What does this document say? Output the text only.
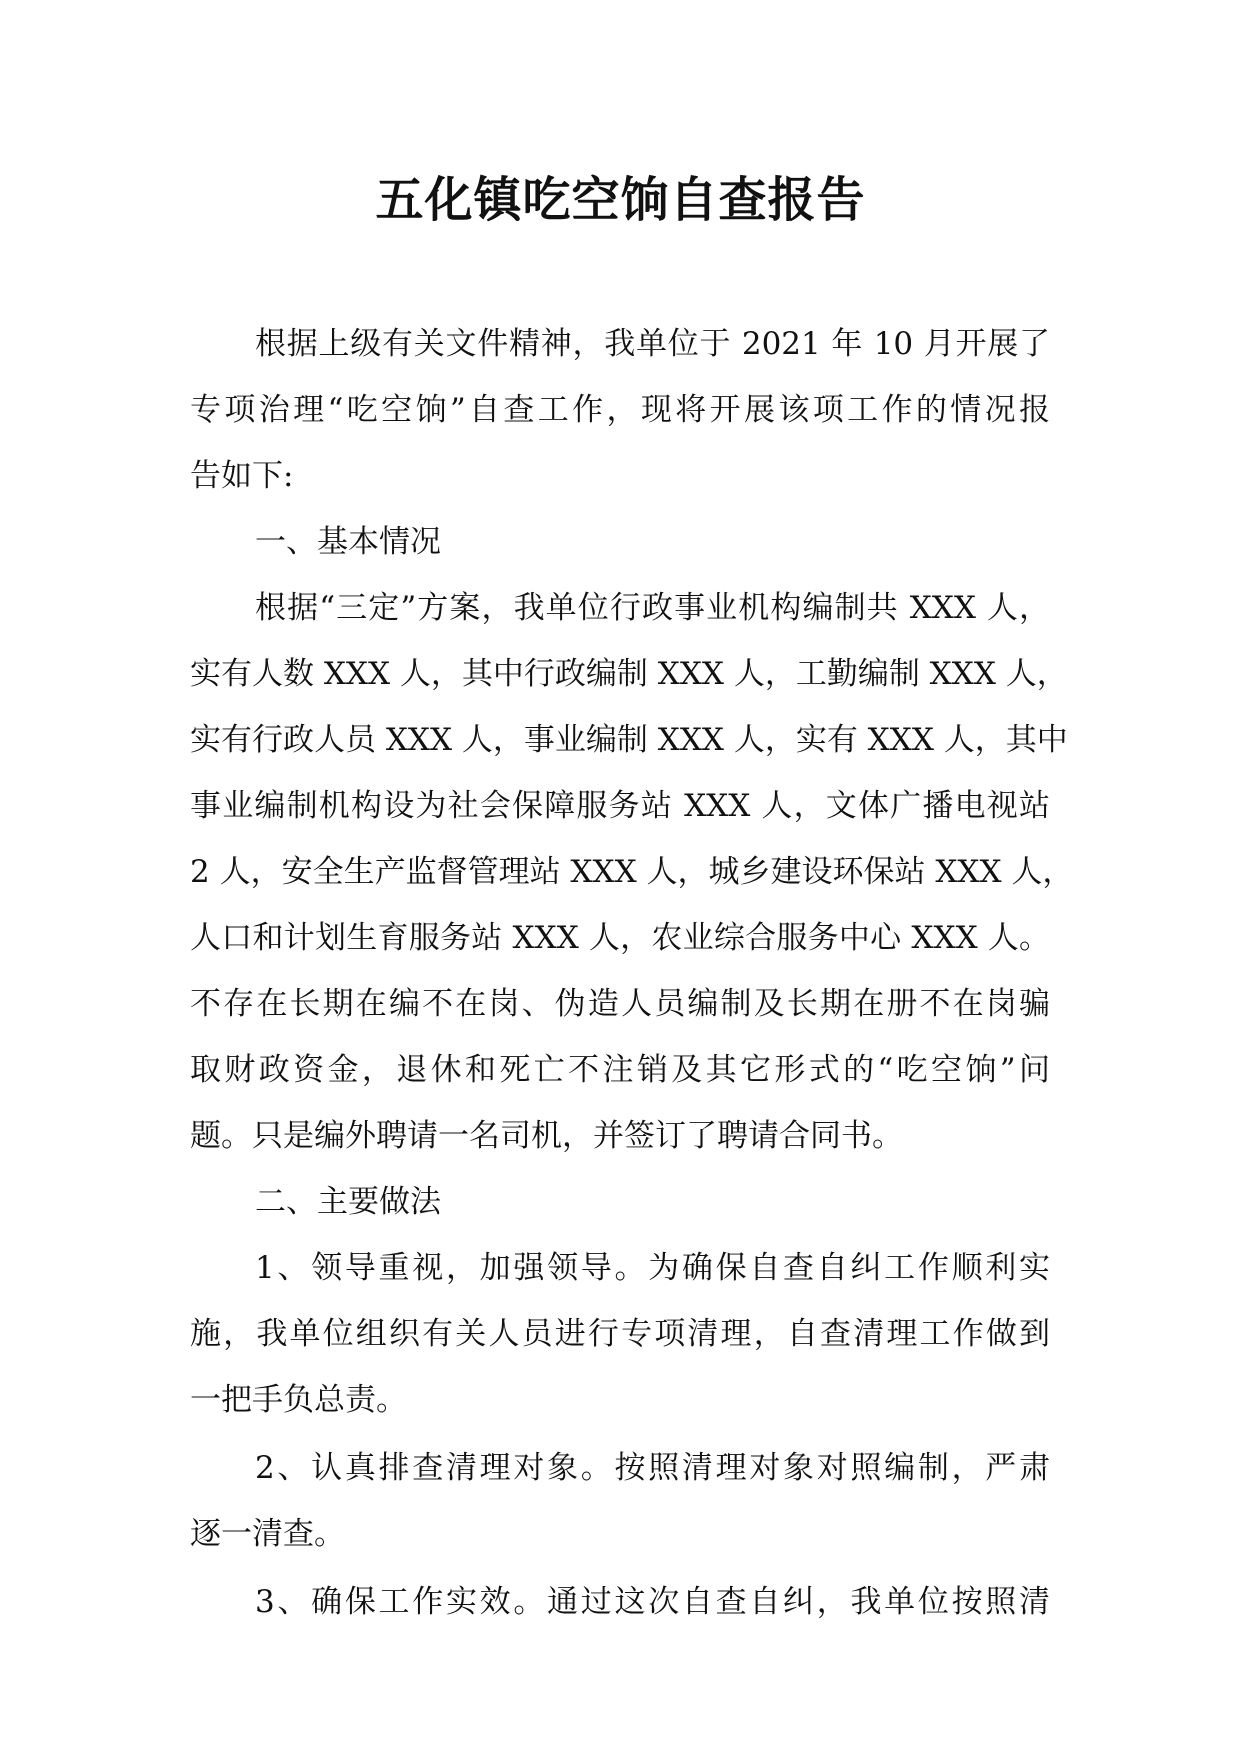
五化镇吃空饷自查报告
根据上级有关文件精神，我单位于 2021 年 10 月开展了
专项治理“吃空饷”自查工作，现将开展该项工作的情况报
告如下:
一、基本情况
根据“三定”方案，我单位行政事业机构编制共 XXX 人，
实有人数 XXX 人，其中行政编制 XXX 人，工勤编制 XXX 人，
实有行政人员 XXX 人，事业编制 XXX 人，实有 XXX 人，其中
事业编制机构设为社会保障服务站 XXX 人，文体广播电视站
2 人，安全生产监督管理站 XXX 人，城乡建设环保站 XXX 人，
人口和计划生育服务站 XXX 人，农业综合服务中心 XXX 人。
不存在长期在编不在岗、伪造人员编制及长期在册不在岗骗
取财政资金，退休和死亡不注销及其它形式的“吃空饷”问
题。只是编外聘请一名司机，并签订了聘请合同书。
二、主要做法
1、领导重视，加强领导。为确保自查自纠工作顺利实
施，我单位组织有关人员进行专项清理，自查清理工作做到
一把手负总责。
2、认真排查清理对象。按照清理对象对照编制，严肃
逐一清查。
3、确保工作实效。通过这次自查自纠，我单位按照清
